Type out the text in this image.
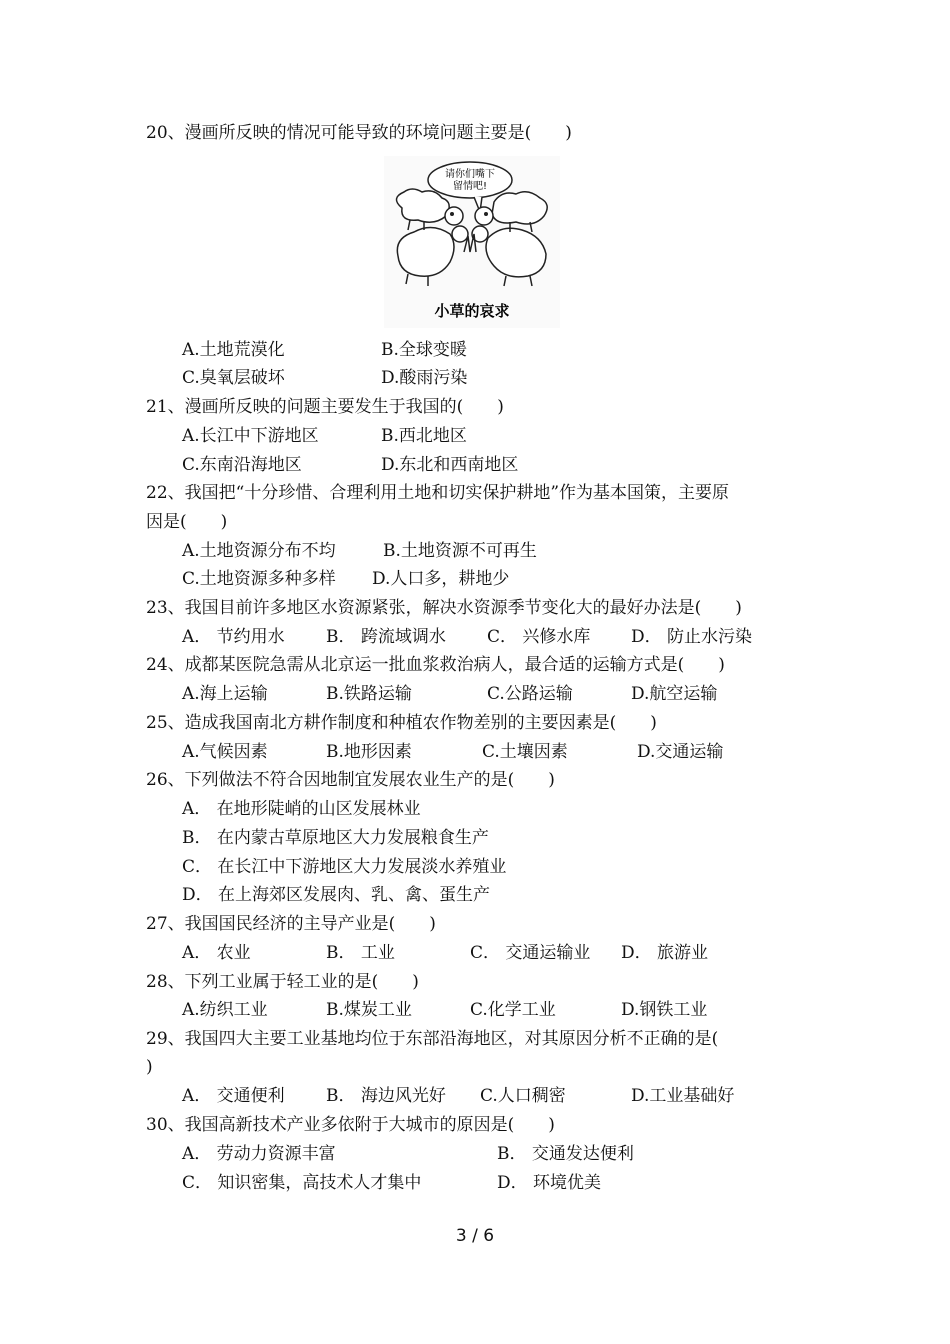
20、漫画所反映的情况可能导致的环境问题主要是(　　)
请你们嘴下
留情吧!
小草的哀求
A.土地荒漠化	B.全球变暖
C.臭氧层破坏	D.酸雨污染
21、漫画所反映的问题主要发生于我国的(　　)
A.长江中下游地区	B.西北地区
C.东南沿海地区	D.东北和西南地区
22、我国把“十分珍惜、合理利用土地和切实保护耕地”作为基本国策，主要原
因是(　　)
A.土地资源分布不均	B.土地资源不可再生
C.土地资源多种多样 D.人口多，耕地少
23、我国目前许多地区水资源紧张，解决水资源季节变化大的最好办法是(　　)
A． 节约用水 B． 跨流域调水 C． 兴修水库 D． 防止水污染
24、成都某医院急需从北京运一批血浆救治病人，最合适的运输方式是(　　)
A.海上运输	B.铁路运输	C.公路运输	D.航空运输
25、造成我国南北方耕作制度和种植农作物差别的主要因素是(　　)
A.气候因素	B.地形因素	C.土壤因素	D.交通运输
26、下列做法不符合因地制宜发展农业生产的是(　　)
A． 在地形陡峭的山区发展林业
B． 在内蒙古草原地区大力发展粮食生产
C． 在长江中下游地区大力发展淡水养殖业
D． 在上海郊区发展肉、乳、禽、蛋生产
27、我国国民经济的主导产业是(　　)
A． 农业	B． 工业	C． 交通运输业 D． 旅游业
28、下列工业属于轻工业的是(　　)
A.纺织工业	B.煤炭工业	C.化学工业	D.钢铁工业
29、我国四大主要工业基地均位于东部沿海地区，对其原因分析不正确的是(
)
A． 交通便利 B． 海边风光好 C.人口稠密	D.工业基础好
30、我国高新技术产业多依附于大城市的原因是(　　)
A． 劳动力资源丰富	B． 交通发达便利
C． 知识密集，高技术人才集中	D． 环境优美
3 / 6
